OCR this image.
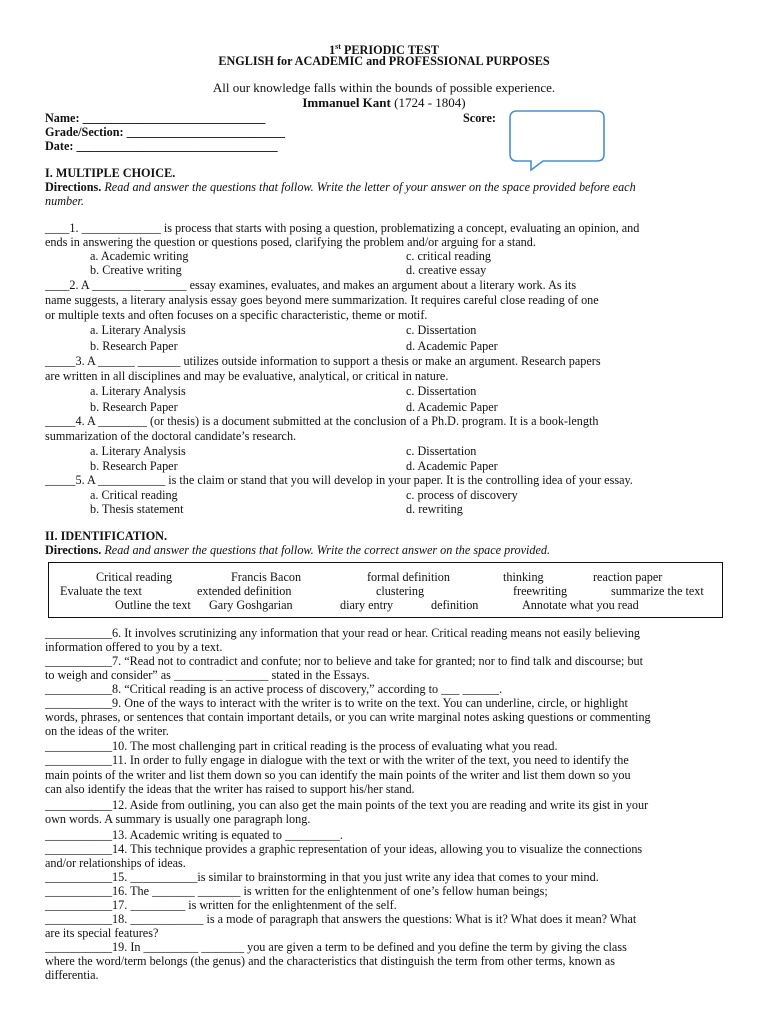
1st PERIODIC TEST
ENGLISH for ACADEMIC and PROFESSIONAL PURPOSES
All our knowledge falls within the bounds of possible experience.
Immanuel Kant (1724 - 1804)
Name: ______________________________
Grade/Section: __________________________
Date: _________________________________
Score:
I. MULTIPLE CHOICE.
Directions. Read and answer the questions that follow. Write the letter of your answer on the space provided before each
number.
____1. _____________ is process that starts with posing a question, problematizing a concept, evaluating an opinion, and
ends in answering the question or questions posed, clarifying the problem and/or arguing for a stand.
a. Academic writing	c. critical reading
b. Creative writing	d. creative essay
____2. A ________ _______ essay examines, evaluates, and makes an argument about a literary work. As its
name suggests, a literary analysis essay goes beyond mere summarization. It requires careful close reading of one
or multiple texts and often focuses on a specific characteristic, theme or motif.
a. Literary Analysis	c. Dissertation
b. Research Paper	d. Academic Paper
_____3. A ______ _______ utilizes outside information to support a thesis or make an argument. Research papers
are written in all disciplines and may be evaluative, analytical, or critical in nature.
a. Literary Analysis	c. Dissertation
b. Research Paper	d. Academic Paper
_____4. A ________ (or thesis) is a document submitted at the conclusion of a Ph.D. program. It is a book-length
summarization of the doctoral candidate’s research.
a. Literary Analysis	c. Dissertation
b. Research Paper	d. Academic Paper
_____5. A ___________ is the claim or stand that you will develop in your paper. It is the controlling idea of your essay.
a. Critical reading	c. process of discovery
b. Thesis statement	d. rewriting
II. IDENTIFICATION.
Directions. Read and answer the questions that follow. Write the correct answer on the space provided.
Critical reading	Francis Bacon	formal definition	thinking	reaction paper
Evaluate the text	extended definition	clustering	freewriting	summarize the text
Outline the text Gary Goshgarian	diary entry	definition	Annotate what you read
___________6. It involves scrutinizing any information that your read or hear. Critical reading means not easily believing
information offered to you by a text.
___________7. “Read not to contradict and confute; nor to believe and take for granted; nor to find talk and discourse; but
to weigh and consider” as ________ _______ stated in the Essays.
___________8. “Critical reading is an active process of discovery,” according to ___ ______.
___________9. One of the ways to interact with the writer is to write on the text. You can underline, circle, or highlight
words, phrases, or sentences that contain important details, or you can write marginal notes asking questions or commenting
on the ideas of the writer.
___________10. The most challenging part in critical reading is the process of evaluating what you read.
___________11. In order to fully engage in dialogue with the text or with the writer of the text, you need to identify the
main points of the writer and list them down so you can identify the main points of the writer and list them down so you
can also identify the ideas that the writer has raised to support his/her stand.
___________12. Aside from outlining, you can also get the main points of the text you are reading and write its gist in your
own words. A summary is usually one paragraph long.
___________13. Academic writing is equated to _________.
___________14. This technique provides a graphic representation of your ideas, allowing you to visualize the connections
and/or relationships of ideas.
___________15. ___________is similar to brainstorming in that you just write any idea that comes to your mind.
___________16. The _______ _______ is written for the enlightenment of one’s fellow human beings;
___________17. _________ is written for the enlightenment of the self.
___________18. ____________ is a mode of paragraph that answers the questions: What is it? What does it mean? What
are its special features?
___________19. In _________ _______ you are given a term to be defined and you define the term by giving the class
where the word/term belongs (the genus) and the characteristics that distinguish the term from other terms, known as
differentia.
